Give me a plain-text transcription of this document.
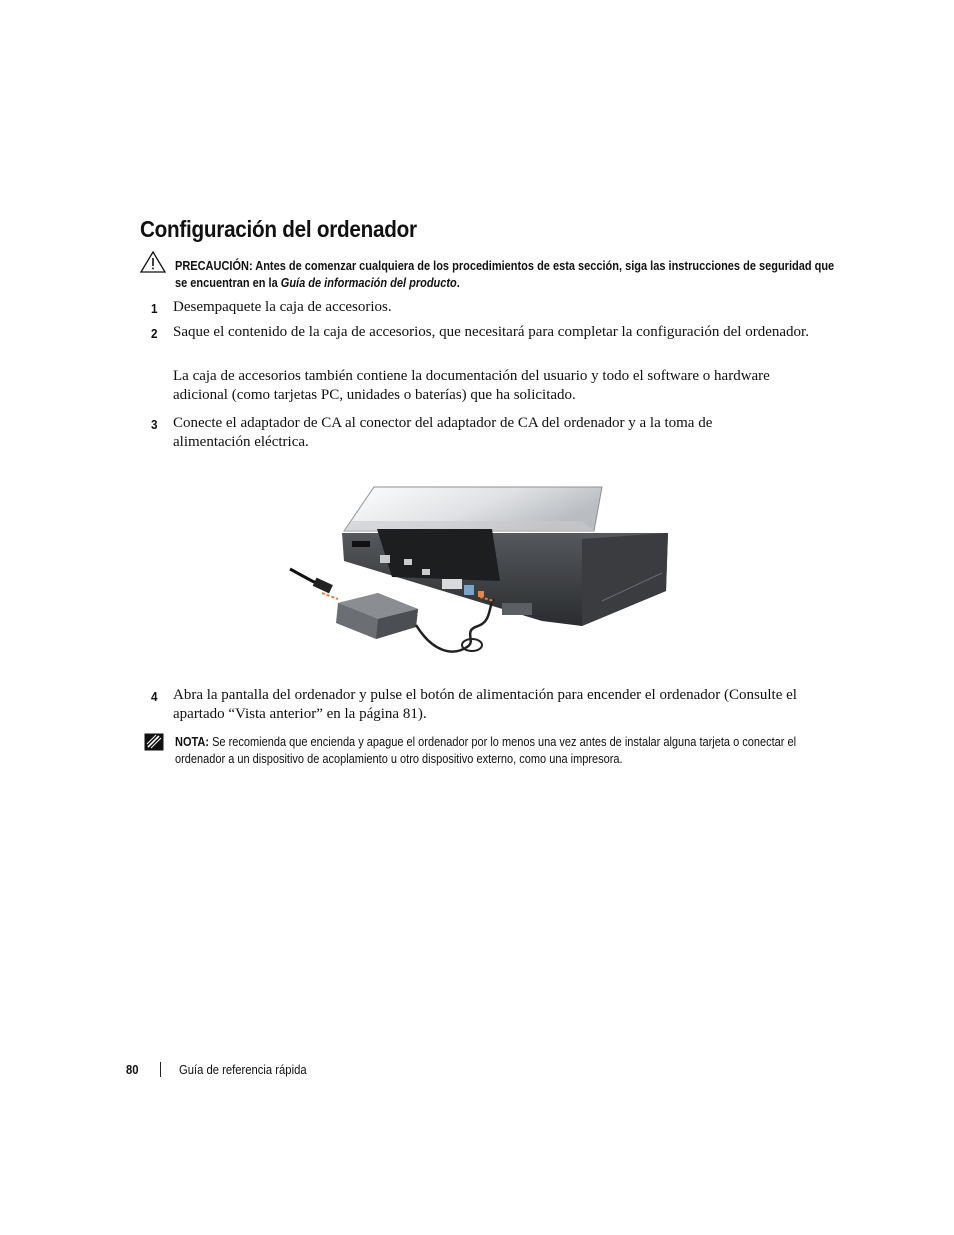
Configuración del ordenador
PRECAUCIÓN: Antes de comenzar cualquiera de los procedimientos de esta sección, siga las instrucciones de seguridad que se encuentran en la Guía de información del producto.
1 Desempaquete la caja de accesorios.
2 Saque el contenido de la caja de accesorios, que necesitará para completar la configuración del ordenador.
La caja de accesorios también contiene la documentación del usuario y todo el software o hardware adicional (como tarjetas PC, unidades o baterías) que ha solicitado.
3 Conecte el adaptador de CA al conector del adaptador de CA del ordenador y a la toma de alimentación eléctrica.
4 Abra la pantalla del ordenador y pulse el botón de alimentación para encender el ordenador (Consulte el apartado “Vista anterior” en la página 81).
NOTA: Se recomienda que encienda y apague el ordenador por lo menos una vez antes de instalar alguna tarjeta o conectar el ordenador a un dispositivo de acoplamiento u otro dispositivo externo, como una impresora.
80	Guía de referencia rápida
